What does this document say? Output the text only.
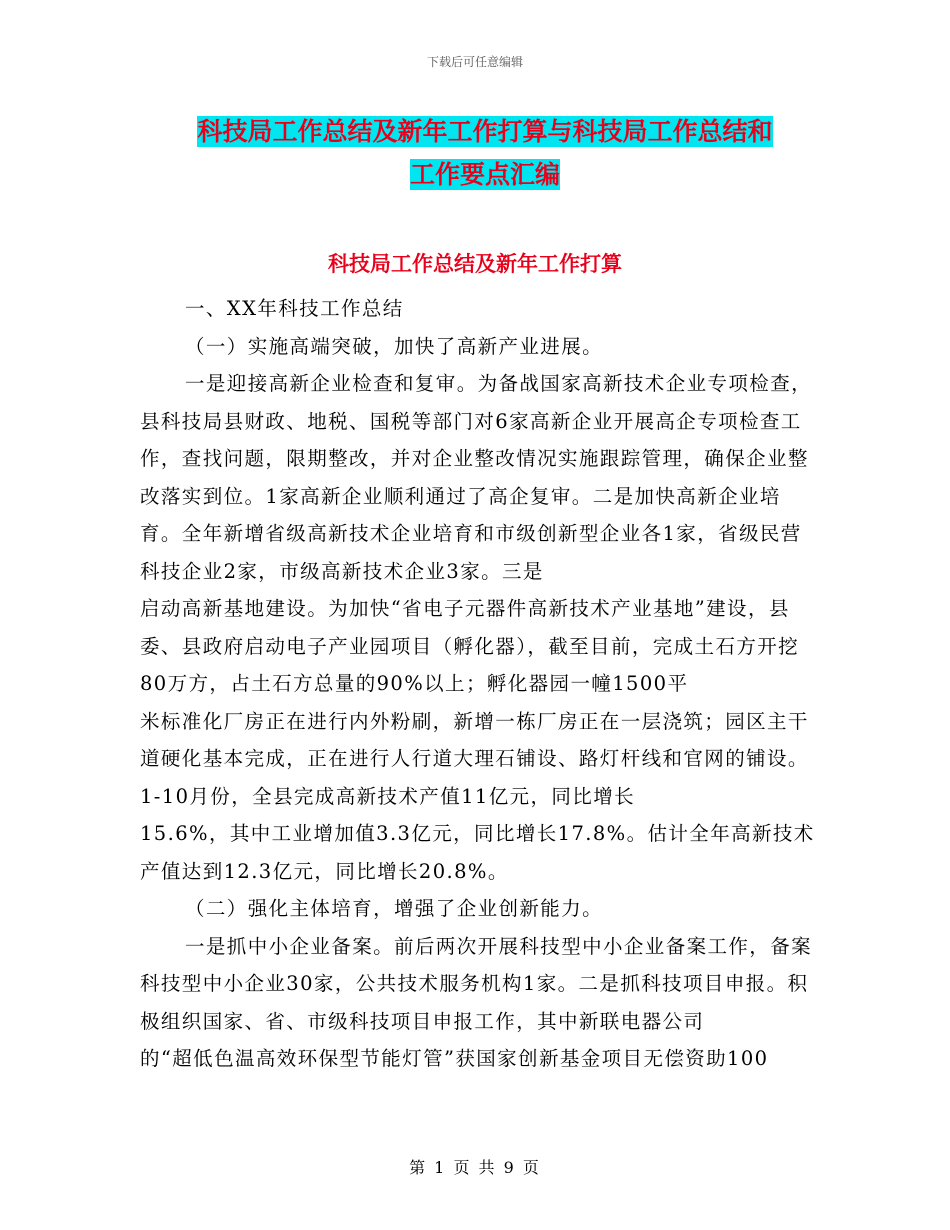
下载后可任意编辑
科技局工作总结及新年工作打算与科技局工作总结和
工作要点汇编
科技局工作总结及新年工作打算

一、XX年科技工作总结

（一）实施高端突破，加快了高新产业进展。

一是迎接高新企业检查和复审。为备战国家高新技术企业专项检查，县科技局县财政、地税、国税等部门对6家高新企业开展高企专项检查工作，查找问题，限期整改，并对企业整改情况实施跟踪管理，确保企业整改落实到位。1家高新企业顺利通过了高企复审。二是加快高新企业培育。全年新增省级高新技术企业培育和市级创新型企业各1家，省级民营科技企业2家，市级高新技术企业3家。三是

启动高新基地建设。为加快“省电子元器件高新技术产业基地”建设，县委、县政府启动电子产业园项目（孵化器），截至目前，完成土石方开挖80万方，占土石方总量的90%以上；孵化器园一幢1500平

米标准化厂房正在进行内外粉刷，新增一栋厂房正在一层浇筑；园区主干道硬化基本完成，正在进行人行道大理石铺设、路灯杆线和官网的铺设。1-10月份，全县完成高新技术产值11亿元，同比增长

15.6%，其中工业增加值3.3亿元，同比增长17.8%。估计全年高新技术产值达到12.3亿元，同比增长20.8%。

（二）强化主体培育，增强了企业创新能力。

一是抓中小企业备案。前后两次开展科技型中小企业备案工作，备案科技型中小企业30家，公共技术服务机构1家。二是抓科技项目申报。积极组织国家、省、市级科技项目申报工作，其中新联电器公司

的“超低色温高效环保型节能灯管”获国家创新基金项目无偿资助100

第 1 页 共 9 页
